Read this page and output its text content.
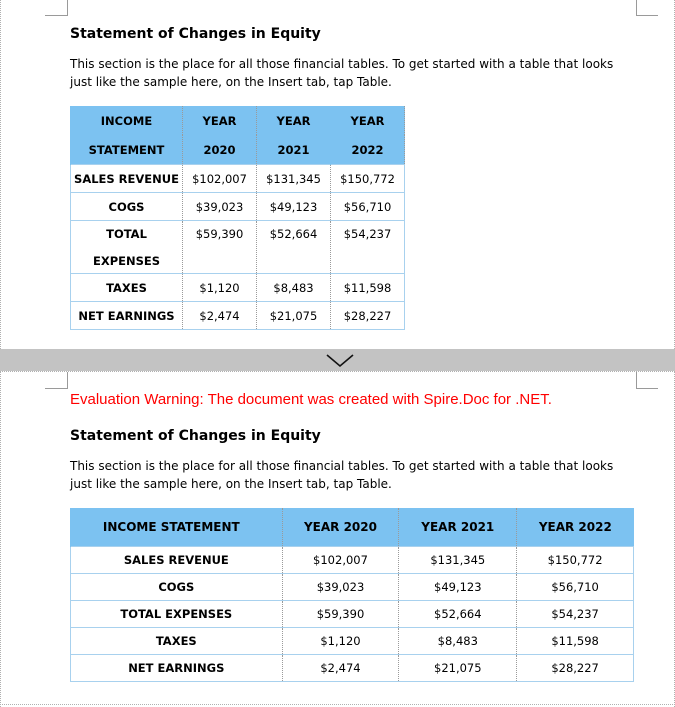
Statement of Changes in Equity
This section is the place for all those financial tables. To get started with a table that looks just like the sample here, on the Insert tab, tap Table.
INCOME	YEAR	YEAR	YEAR
STATEMENT	2020	2021	2022
SALES REVENUE	$102,007	$131,345	$150,772
COGS	$39,023	$49,123	$56,710

TOTAL
EXPENSES	$59,390	$52,664	$54,237
TAXES	$1,120	$8,483	$11,598
NET EARNINGS	$2,474	$21,075	$28,227
Evaluation Warning: The document was created with Spire.Doc for .NET.
Statement of Changes in Equity
This section is the place for all those financial tables. To get started with a table that looks just like the sample here, on the Insert tab, tap Table.
INCOME STATEMENT	YEAR 2020	YEAR 2021	YEAR 2022
SALES REVENUE	$102,007	$131,345	$150,772
COGS	$39,023	$49,123	$56,710
TOTAL EXPENSES	$59,390	$52,664	$54,237
TAXES	$1,120	$8,483	$11,598
NET EARNINGS	$2,474	$21,075	$28,227
